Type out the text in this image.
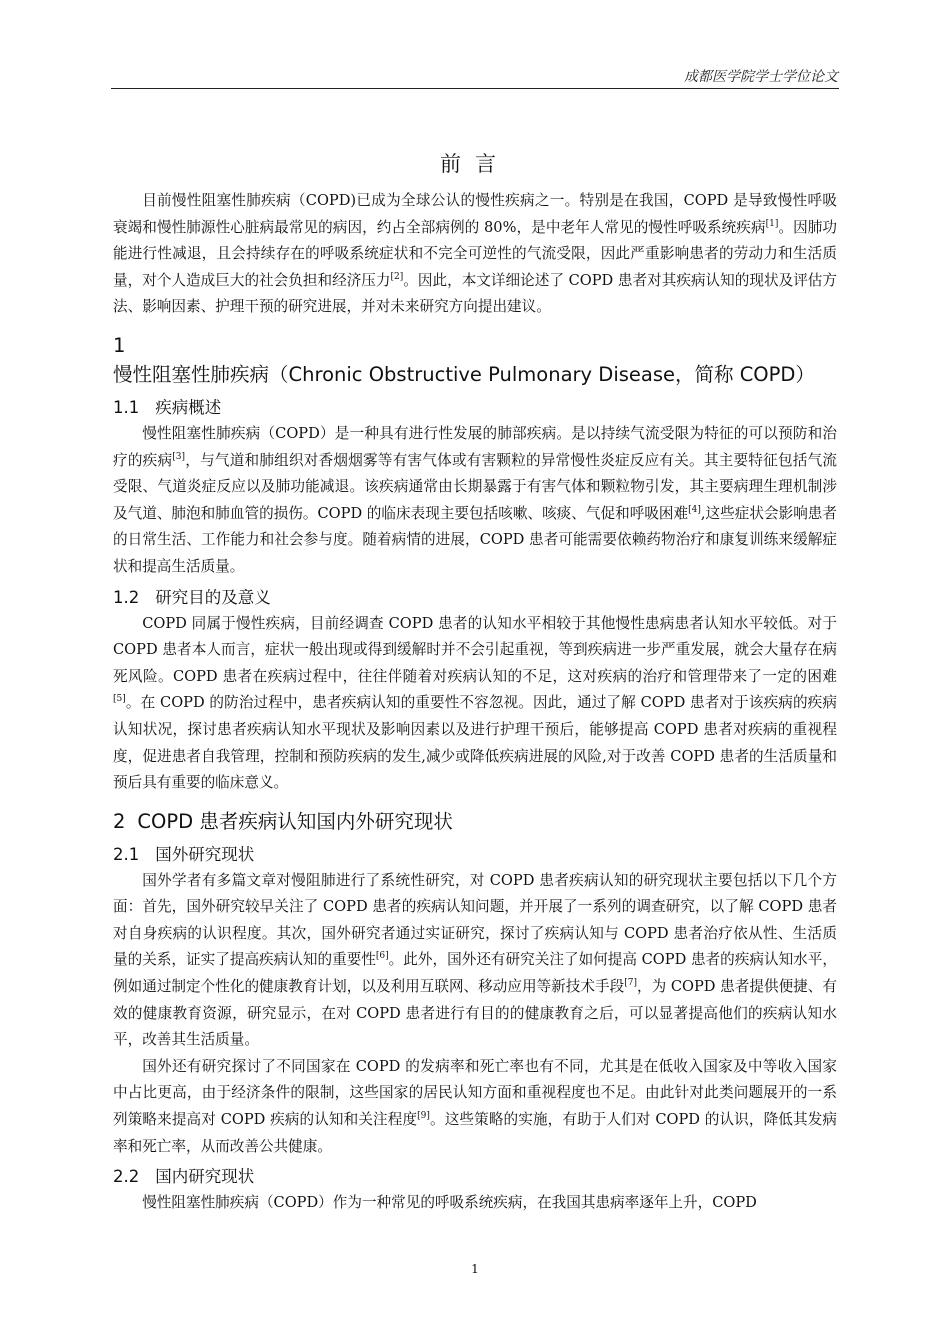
成都医学院学士学位论文
前言

目前慢性阻塞性肺疾病（COPD)已成为全球公认的慢性疾病之一。特别是在我国，COPD 是导致慢性呼吸衰竭和慢性肺源性心脏病最常见的病因，约占全部病例的 80%，是中老年人常见的慢性呼吸系统疾病[1]。因肺功能进行性减退，且会持续存在的呼吸系统症状和不完全可逆性的气流受限，因此严重影响患者的劳动力和生活质量，对个人造成巨大的社会负担和经济压力[2]。因此，本文详细论述了 COPD 患者对其疾病认知的现状及评估方法、影响因素、护理干预的研究进展，并对未来研究方向提出建议。

1慢性阻塞性肺疾病（Chronic Obstructive Pulmonary Disease，简称 COPD）
1.1 疾病概述

慢性阻塞性肺疾病（COPD）是一种具有进行性发展的肺部疾病。是以持续气流受限为特征的可以预防和治疗的疾病[3]，与气道和肺组织对香烟烟雾等有害气体或有害颗粒的异常慢性炎症反应有关。其主要特征包括气流受限、气道炎症反应以及肺功能减退。该疾病通常由长期暴露于有害气体和颗粒物引发，其主要病理生理机制涉及气道、肺泡和肺血管的损伤。COPD 的临床表现主要包括咳嗽、咳痰、气促和呼吸困难[4],这些症状会影响患者的日常生活、工作能力和社会参与度。随着病情的进展，COPD 患者可能需要依赖药物治疗和康复训练来缓解症状和提高生活质量。

1.2 研究目的及意义

COPD 同属于慢性疾病，目前经调查 COPD 患者的认知水平相较于其他慢性患病患者认知水平较低。对于 COPD 患者本人而言，症状一般出现或得到缓解时并不会引起重视，等到疾病进一步严重发展，就会大量存在病死风险。COPD 患者在疾病过程中，往往伴随着对疾病认知的不足，这对疾病的治疗和管理带来了一定的困难[5]。在 COPD 的防治过程中，患者疾病认知的重要性不容忽视。因此，通过了解 COPD 患者对于该疾病的疾病认知状况，探讨患者疾病认知水平现状及影响因素以及进行护理干预后，能够提高 COPD 患者对疾病的重视程度，促进患者自我管理，控制和预防疾病的发生,减少或降低疾病进展的风险,对于改善 COPD 患者的生活质量和预后具有重要的临床意义。

2 COPD 患者疾病认知国内外研究现状
2.1 国外研究现状

国外学者有多篇文章对慢阻肺进行了系统性研究，对 COPD 患者疾病认知的研究现状主要包括以下几个方面：首先，国外研究较早关注了 COPD 患者的疾病认知问题，并开展了一系列的调查研究，以了解 COPD 患者对自身疾病的认识程度。其次，国外研究者通过实证研究，探讨了疾病认知与 COPD 患者治疗依从性、生活质量的关系，证实了提高疾病认知的重要性[6]。此外，国外还有研究关注了如何提高 COPD 患者的疾病认知水平，例如通过制定个性化的健康教育计划，以及利用互联网、移动应用等新技术手段[7]，为 COPD 患者提供便捷、有效的健康教育资源，研究显示，在对 COPD 患者进行有目的的健康教育之后，可以显著提高他们的疾病认知水平，改善其生活质量。

国外还有研究探讨了不同国家在 COPD 的发病率和死亡率也有不同，尤其是在低收入国家及中等收入国家中占比更高，由于经济条件的限制，这些国家的居民认知方面和重视程度也不足。由此针对此类问题展开的一系列策略来提高对 COPD 疾病的认知和关注程度[9]。这些策略的实施，有助于人们对 COPD 的认识，降低其发病率和死亡率，从而改善公共健康。

2.2 国内研究现状

慢性阻塞性肺疾病（COPD）作为一种常见的呼吸系统疾病，在我国其患病率逐年上升，COPD

1
